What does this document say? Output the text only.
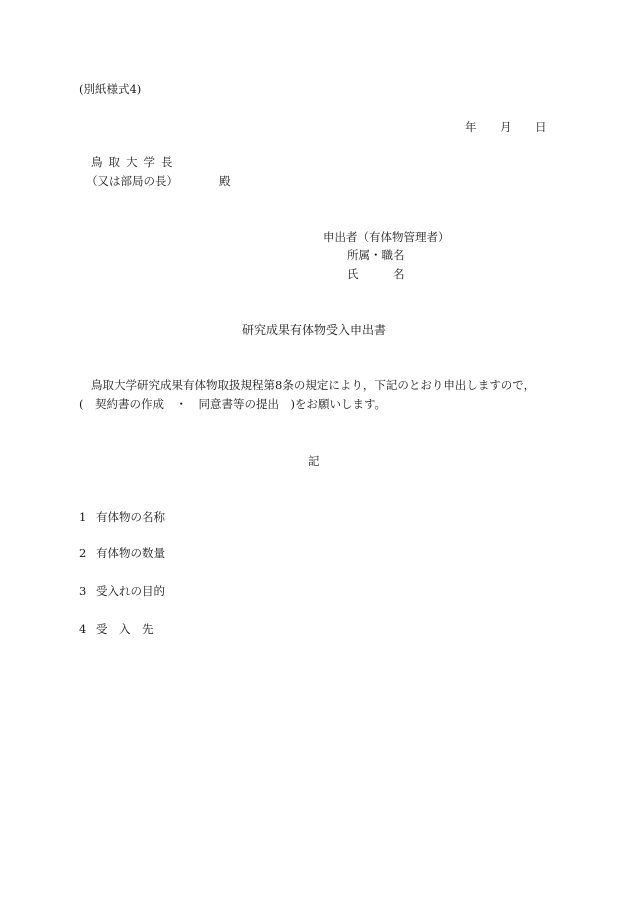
(別紙様式4)
年 月 日
鳥取大学長
（又は部局の長）	殿
申出者（有体物管理者）
所属・職名
氏　　　名
研究成果有体物受入申出書
鳥取大学研究成果有体物取扱規程第8条の規定により，下記のとおり申出しますので，
(　契約書の作成　・　同意書等の提出　)をお願いします。
記
1 有体物の名称
2 有体物の数量
3 受入れの目的
4 受　入　先
